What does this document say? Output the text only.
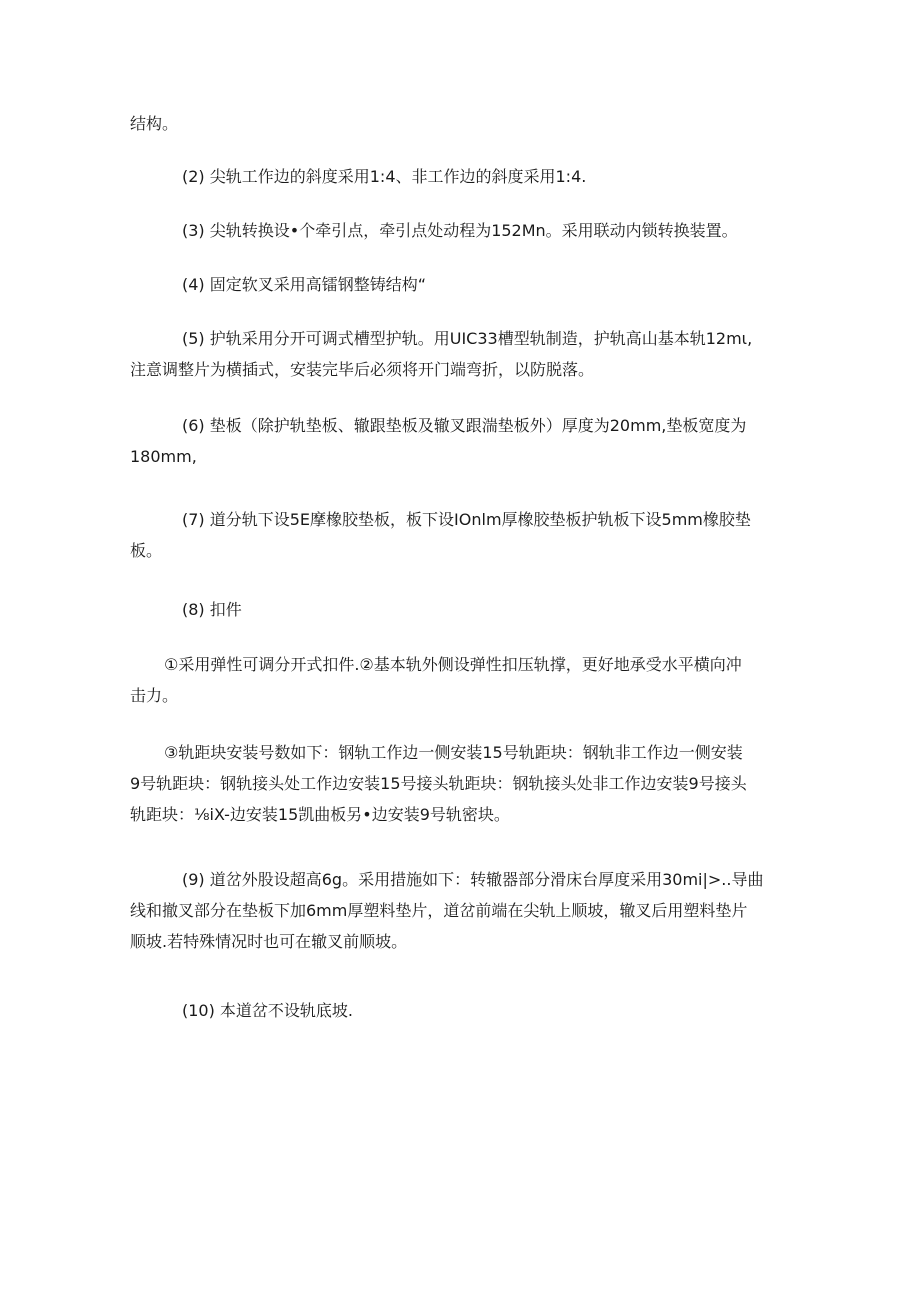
结构。

(2) 尖轨工作边的斜度采用1:4、非工作边的斜度采用1:4.

(3) 尖轨转换设•个牵引点，牵引点处动程为152Mn。采用联动内锁转换装置。

(4) 固定软叉采用高镭钢整铸结构“

(5) 护轨采用分开可调式槽型护轨。用UIC33槽型轨制造，护轨高山基本轨12mι,
注意调整片为横插式，安装完毕后必须将开门端弯折，以防脱落。

(6) 垫板（除护轨垫板、辙跟垫板及辙叉跟湍垫板外）厚度为20mm,垫板宽度为
180mm,

(7) 道分轨下设5E摩橡胶垫板，板下设IOnlm厚橡胶垫板护轨板下设5mm橡胶垫
板。

(8) 扣件

①采用弹性可调分开式扣件.②基本轨外侧设弹性扣压轨撑，更好地承受水平横向冲
击力。

③轨距块安装号数如下：钢轨工作边一侧安装15号轨距块：钢轨非工作边一侧安装
9号轨距块：钢轨接头处工作边安装15号接头轨距块：钢轨接头处非工作边安装9号接头
轨距块：⅛iX-边安装15凯曲板另•边安装9号轨密块。

(9) 道岔外股设超高6g。采用措施如下：转辙器部分滑床台厚度采用30mi|>..导曲
线和撤叉部分在垫板下加6mm厚塑料垫片，道岔前端在尖轨上顺坡，辙叉后用塑料垫片
顺坡.若特殊情况时也可在辙叉前顺坡。

(10) 本道岔不设轨底坡.
